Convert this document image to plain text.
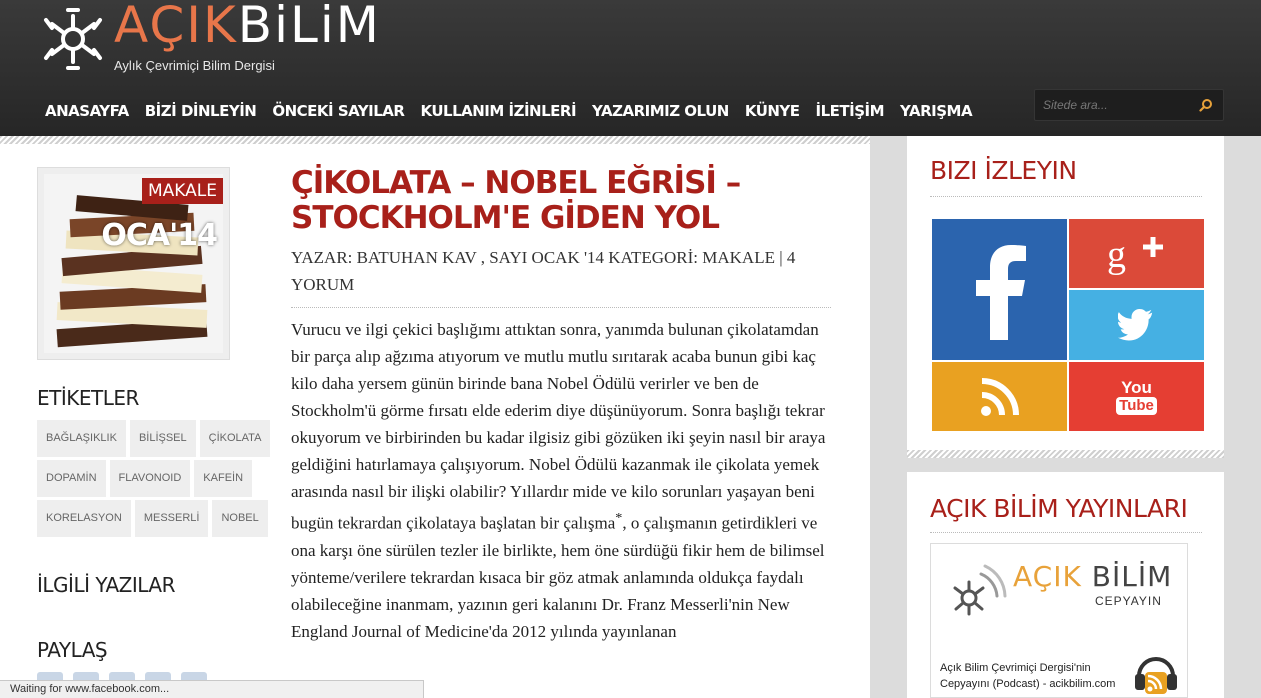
AÇIKBiLiM
Aylık Çevrimiçi Bilim Dergisi
ANASAYFA BİZİ DİNLEYİN ÖNCEKİ SAYILAR KULLANIM İZİNLERİ YAZARIMIZ OLUN KÜNYE İLETİŞİM YARIŞMA
Sitede ara...
MAKALE
OCA'14
ETİKETLER
BAĞLAŞIKLIK	BİLİŞSEL	ÇİKOLATA
DOPAMİN	FLAVONOID	KAFEİN
KORELASYON	MESSERLİ	NOBEL
İLGİLİ YAZILAR
PAYLAŞ
ÇİKOLATA – NOBEL EĞRİSİ – STOCKHOLM'E GİDEN YOL
YAZAR: BATUHAN KAV , SAYI OCAK '14 KATEGORİ: MAKALE | 4 YORUM
Vurucu ve ilgi çekici başlığımı attıktan sonra, yanımda bulunan çikolatamdan bir parça alıp ağzıma atıyorum ve mutlu mutlu sırıtarak acaba bunun gibi kaç kilo daha yersem günün birinde bana Nobel Ödülü verirler ve ben de Stockholm'ü görme fırsatı elde ederim diye düşünüyorum. Sonra başlığı tekrar okuyorum ve birbirinden bu kadar ilgisiz gibi gözüken iki şeyin nasıl bir araya geldiğini hatırlamaya çalışıyorum. Nobel Ödülü kazanmak ile çikolata yemek arasında nasıl bir ilişki olabilir? Yıllardır mide ve kilo sorunları yaşayan beni bugün tekrardan çikolataya başlatan bir çalışma*, o çalışmanın getirdikleri ve ona karşı öne sürülen tezler ile birlikte, hem öne sürdüğü fikir hem de bilimsel yönteme/verilere tekrardan kısaca bir göz atmak anlamında oldukça faydalı olabileceğine inanmam, yazının geri kalanını Dr. Franz Messerli'nin New England Journal of Medicine'da 2012 yılında yayınlanan
BIZI İZLEYIN
g
You
Tube
AÇIK BİLİM YAYINLARI
AÇIK BİLİM
CEPYAYIN
Açık Bilim Çevrimiçi Dergisi'nin Cepyayını (Podcast) - acikbilim.com
Waiting for www.facebook.com...
